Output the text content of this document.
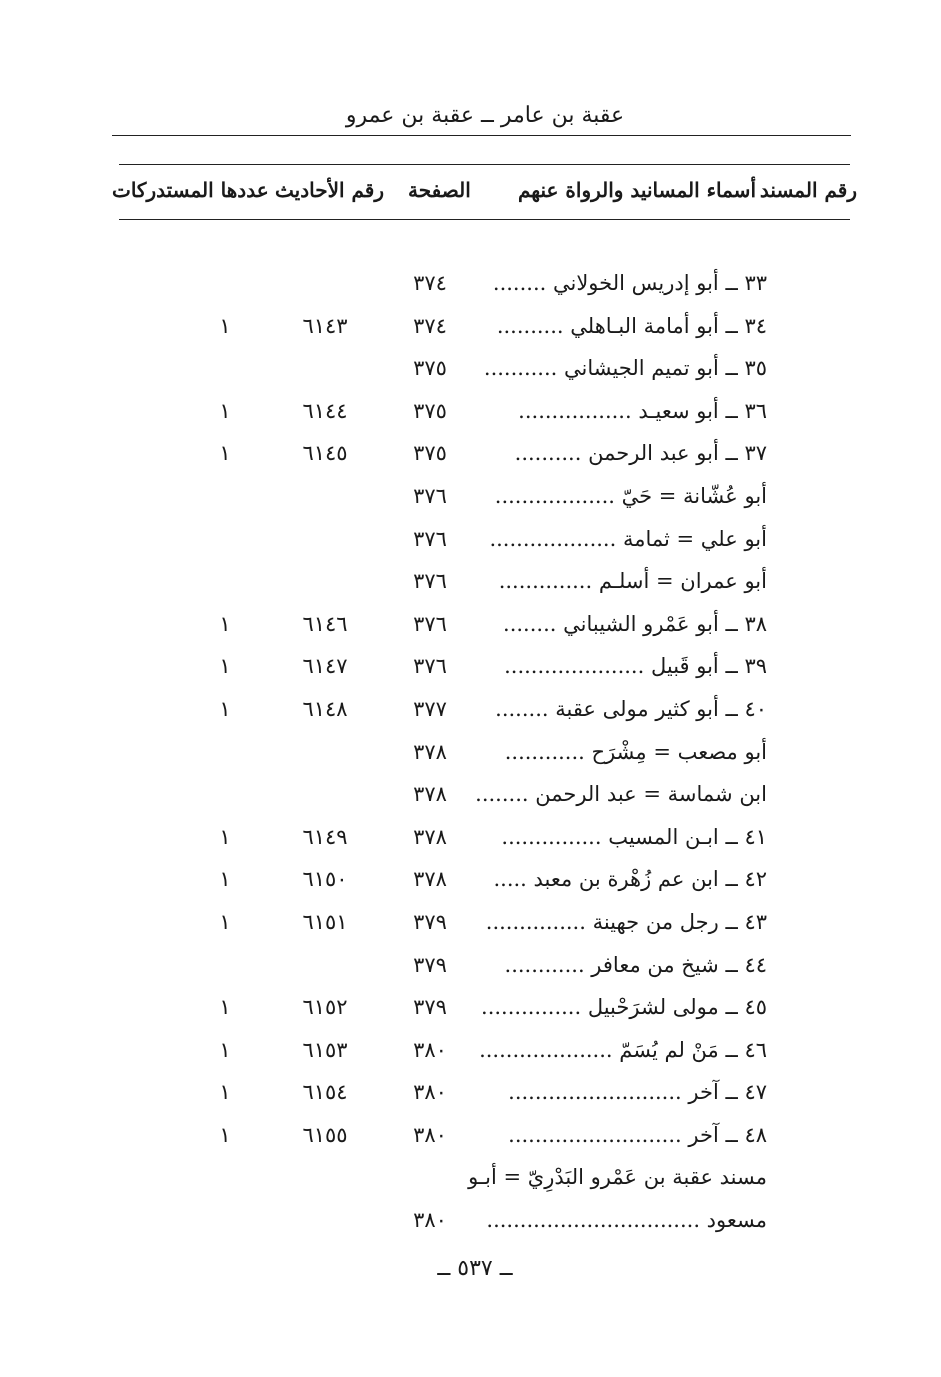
عقبة بن عامر ــ عقبة بن عمرو
رقم المسند
أسماء المسانيد والرواة عنهم
الصفحة
رقم الأحاديث
عددها المستدركات
٣٣ ــ أبو إدريس الخولاني ........
٣٧٤
٣٤ ــ أبو أمامة البـاهلي ..........
٣٧٤
٦١٤٣
١
٣٥ ــ أبو تميم الجيشاني ...........
٣٧٥
٣٦ ــ أبو سعيـد .................
٣٧٥
٦١٤٤
١
٣٧ ــ أبو عبد الرحمن ..........
٣٧٥
٦١٤٥
١
أبو عُشّانة = حَيّ ..................
٣٧٦
أبو علي = ثمامة ...................
٣٧٦
أبو عمران = أسلـم ..............
٣٧٦
٣٨ ــ أبو عَمْرو الشيباني ........
٣٧٦
٦١٤٦
١
٣٩ ــ أبو قَبيل .....................
٣٧٦
٦١٤٧
١
٤٠ ــ أبو كثير مولى عقبة ........
٣٧٧
٦١٤٨
١
أبو مصعب = مِشْرَح ............
٣٧٨
ابن شماسة = عبد الرحمن ........
٣٧٨
٤١ ــ ابـن المسيب ...............
٣٧٨
٦١٤٩
١
٤٢ ــ ابن عم زُهْرة بن معبد .....
٣٧٨
٦١٥٠
١
٤٣ ــ رجل من جهينة ...............
٣٧٩
٦١٥١
١
٤٤ ــ شيخ من معافر ............
٣٧٩
٤٥ ــ مولى لشرَحْبيل ...............
٣٧٩
٦١٥٢
١
٤٦ ــ مَنْ لم يُسَمّ ....................
٣٨٠
٦١٥٣
١
٤٧ ــ آخر ..........................
٣٨٠
٦١٥٤
١
٤٨ ــ آخر ..........................
٣٨٠
٦١٥٥
١
مسند عقبة بن عَمْرو البَدْرِيّ = أبـو
مسعود ................................
٣٨٠
ــ ٥٣٧ ــ
